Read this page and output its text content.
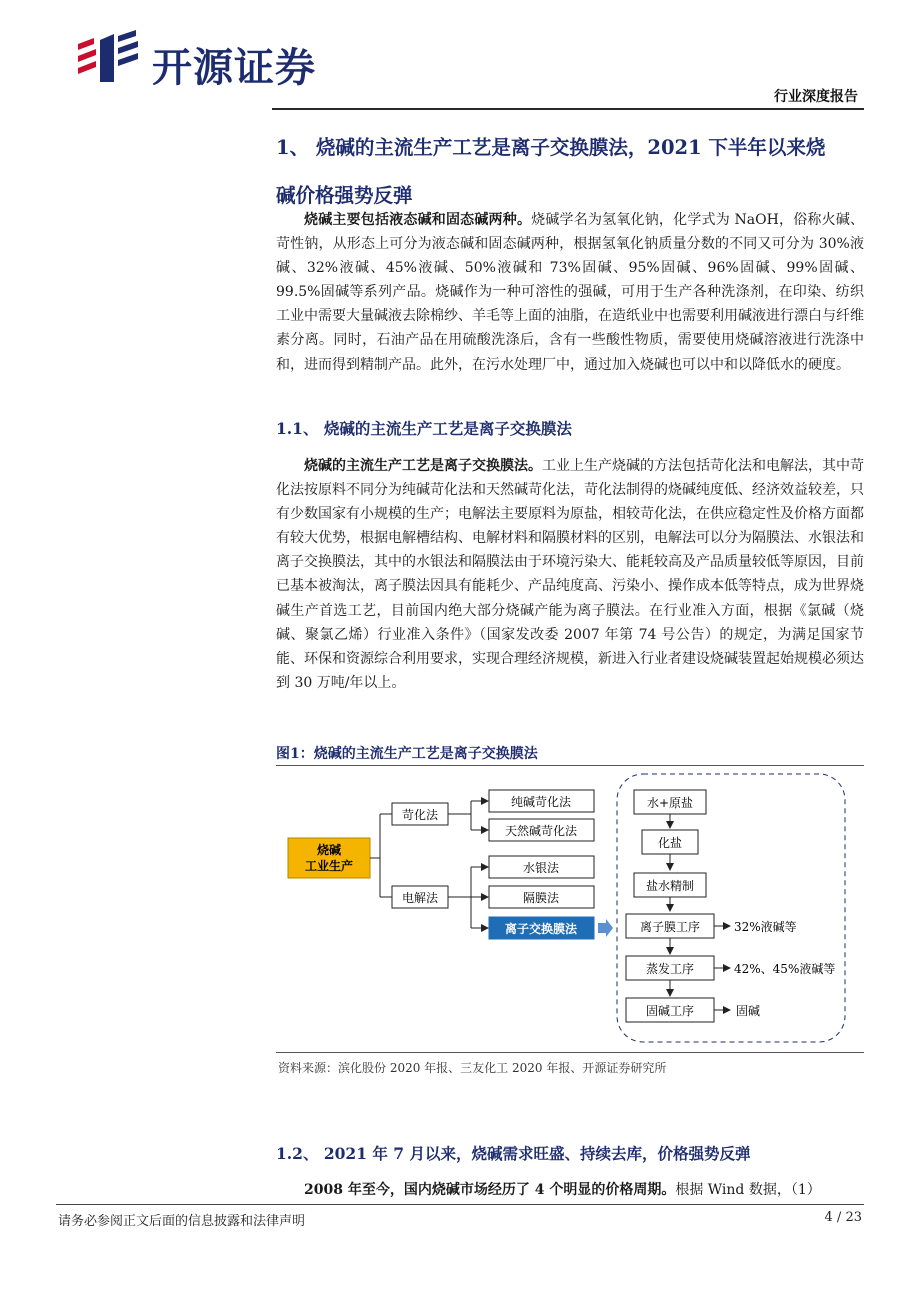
开源证券
行业深度报告
1、 烧碱的主流生产工艺是离子交换膜法，2021 下半年以来烧
碱价格强势反弹
烧碱主要包括液态碱和固态碱两种。烧碱学名为氢氧化钠，化学式为 NaOH，俗称火碱、苛性钠，从形态上可分为液态碱和固态碱两种，根据氢氧化钠质量分数的不同又可分为 30%液碱、32%液碱、45%液碱、50%液碱和 73%固碱、95%固碱、96%固碱、99%固碱、99.5%固碱等系列产品。烧碱作为一种可溶性的强碱，可用于生产各种洗涤剂，在印染、纺织工业中需要大量碱液去除棉纱、羊毛等上面的油脂，在造纸业中也需要利用碱液进行漂白与纤维素分离。同时，石油产品在用硫酸洗涤后，含有一些酸性物质，需要使用烧碱溶液进行洗涤中和，进而得到精制产品。此外，在污水处理厂中，通过加入烧碱也可以中和以降低水的硬度。
1.1、 烧碱的主流生产工艺是离子交换膜法
烧碱的主流生产工艺是离子交换膜法。工业上生产烧碱的方法包括苛化法和电解法，其中苛化法按原料不同分为纯碱苛化法和天然碱苛化法，苛化法制得的烧碱纯度低、经济效益较差，只有少数国家有小规模的生产；电解法主要原料为原盐，相较苛化法，在供应稳定性及价格方面都有较大优势，根据电解槽结构、电解材料和隔膜材料的区别，电解法可以分为隔膜法、水银法和离子交换膜法，其中的水银法和隔膜法由于环境污染大、能耗较高及产品质量较低等原因，目前已基本被淘汰，离子膜法因具有能耗少、产品纯度高、污染小、操作成本低等特点，成为世界烧碱生产首选工艺，目前国内绝大部分烧碱产能为离子膜法。在行业准入方面，根据《氯碱（烧碱、聚氯乙烯）行业准入条件》（国家发改委 2007 年第 74 号公告）的规定，为满足国家节能、环保和资源综合利用要求，实现合理经济规模，新进入行业者建设烧碱装置起始规模必须达到 30 万吨/年以上。
图1：烧碱的主流生产工艺是离子交换膜法
烧碱
工业生产
苛化法
电解法
纯碱苛化法
天然碱苛化法
水银法
隔膜法
离子交换膜法
水+原盐
化盐
盐水精制
离子膜工序	32%液碱等
蒸发工序	42%、45%液碱等
固碱工序	固碱
资料来源：滨化股份 2020 年报、三友化工 2020 年报、开源证券研究所
1.2、 2021 年 7 月以来，烧碱需求旺盛、持续去库，价格强势反弹
2008 年至今，国内烧碱市场经历了 4 个明显的价格周期。根据 Wind 数据，（1）
请务必参阅正文后面的信息披露和法律声明	4 / 23
